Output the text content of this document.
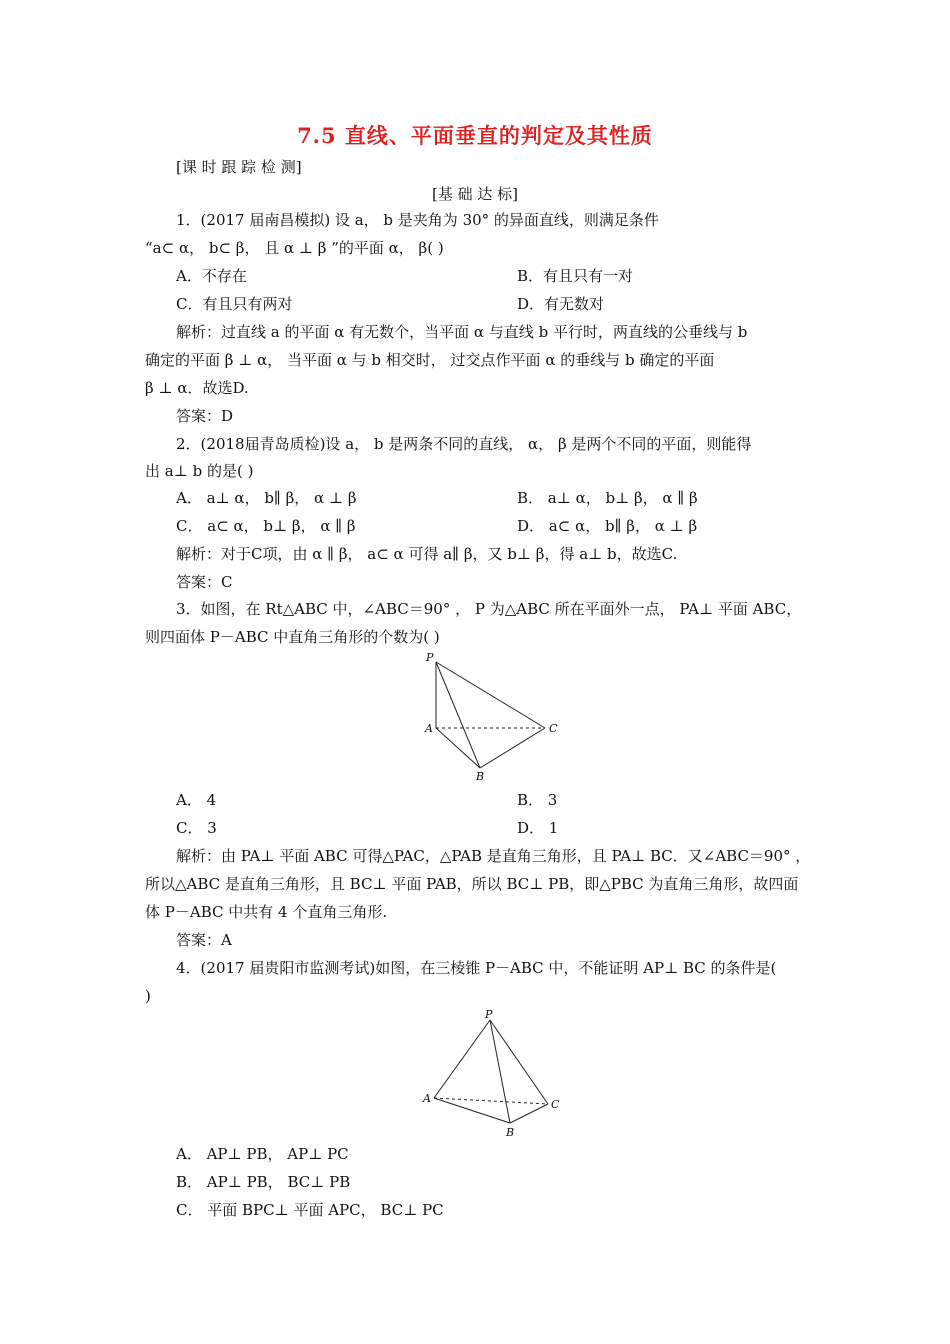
7.5 直线、平面垂直的判定及其性质
[课 时 跟 踪 检 测]
[基 础 达 标]
1．(2017 届南昌模拟) 设 a， b 是夹角为 30° 的异面直线，则满足条件
“a⊂ α， b⊂ β， 且 α ⊥ β ”的平面 α， β( )
A．不存在	B．有且只有一对
C．有且只有两对	D．有无数对
解析：过直线 a 的平面 α 有无数个，当平面 α 与直线 b 平行时，两直线的公垂线与 b
确定的平面 β ⊥ α， 当平面 α 与 b 相交时， 过交点作平面 α 的垂线与 b 确定的平面
β ⊥ α．故选D.
答案：D
2．(2018届青岛质检)设 a， b 是两条不同的直线， α， β 是两个不同的平面，则能得
出 a⊥ b 的是( )
A． a⊥ α， b∥ β， α ⊥ β	B． a⊥ α， b⊥ β， α ∥ β
C． a⊂ α， b⊥ β， α ∥ β	D． a⊂ α， b∥ β， α ⊥ β
解析：对于C项，由 α ∥ β， a⊂ α 可得 a∥ β，又 b⊥ β，得 a⊥ b，故选C.
答案：C
3．如图，在 Rt△ABC 中，∠ABC＝90° ， P 为△ABC 所在平面外一点， PA⊥ 平面 ABC，
则四面体 P－ABC 中直角三角形的个数为( )
P
A
B
C
A． 4	B． 3
C． 3	D． 1
解析：由 PA⊥ 平面 ABC 可得△PAC，△PAB 是直角三角形，且 PA⊥ BC．又∠ABC＝90° ，
所以△ABC 是直角三角形，且 BC⊥ 平面 PAB，所以 BC⊥ PB，即△PBC 为直角三角形，故四面
体 P－ABC 中共有 4 个直角三角形.
答案：A
4．(2017 届贵阳市监测考试)如图，在三棱锥 P－ABC 中，不能证明 AP⊥ BC 的条件是(
)
P
A
B
C
A． AP⊥ PB， AP⊥ PC
B． AP⊥ PB， BC⊥ PB
C． 平面 BPC⊥ 平面 APC， BC⊥ PC
